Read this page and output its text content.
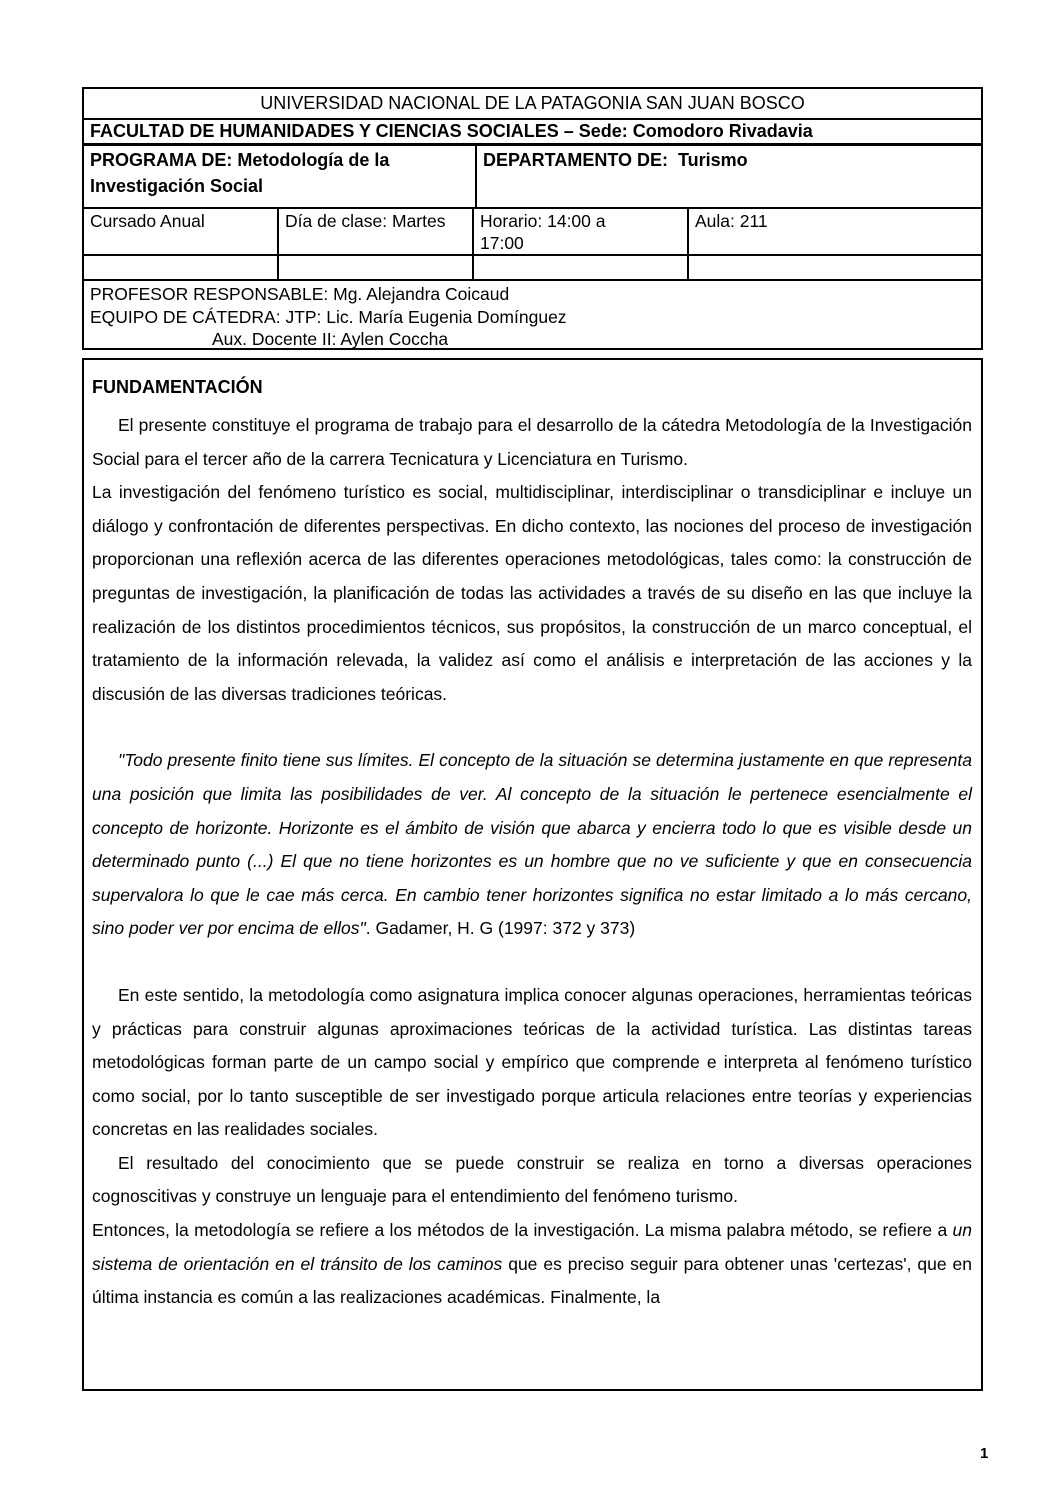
UNIVERSIDAD NACIONAL DE LA PATAGONIA SAN JUAN BOSCO
FACULTAD DE HUMANIDADES Y CIENCIAS SOCIALES – Sede: Comodoro Rivadavia
PROGRAMA DE: Metodología de la Investigación Social
DEPARTAMENTO DE:  Turismo
Cursado Anual	Día de clase: Martes	Horario: 14:00 a 17:00
Aula: 211
PROFESOR RESPONSABLE: Mg. Alejandra Coicaud
EQUIPO DE CÁTEDRA: JTP: Lic. María Eugenia Domínguez
Aux. Docente II: Aylen Coccha
FUNDAMENTACIÓN

El presente constituye el programa de trabajo para el desarrollo de la cátedra Metodología de la Investigación Social para el tercer año de la carrera Tecnicatura y Licenciatura en Turismo.

La investigación del fenómeno turístico es social, multidisciplinar, interdisciplinar o transdiciplinar e incluye un diálogo y confrontación de diferentes perspectivas. En dicho contexto, las nociones del proceso de investigación proporcionan una reflexión acerca de las diferentes operaciones metodológicas, tales como: la construcción de preguntas de investigación, la planificación de todas las actividades a través de su diseño en las que incluye la realización de los distintos procedimientos técnicos, sus propósitos, la construcción de un marco conceptual, el tratamiento de la información relevada, la validez así como el análisis e interpretación de las acciones y la discusión de las diversas tradiciones teóricas.

"Todo presente finito tiene sus límites. El concepto de la situación se determina justamente en que representa una posición que limita las posibilidades de ver. Al concepto de la situación le pertenece esencialmente el concepto de horizonte. Horizonte es el ámbito de visión que abarca y encierra todo lo que es visible desde un determinado punto (...) El que no tiene horizontes es un hombre que no ve suficiente y que en consecuencia supervalora lo que le cae más cerca. En cambio tener horizontes significa no estar limitado a lo más cercano, sino poder ver por encima de ellos". Gadamer, H. G (1997: 372 y 373)

En este sentido, la metodología como asignatura implica conocer algunas operaciones, herramientas teóricas y prácticas para construir algunas aproximaciones teóricas de la actividad turística. Las distintas tareas metodológicas forman parte de un campo social y empírico que comprende e interpreta al fenómeno turístico como social, por lo tanto susceptible de ser investigado porque articula relaciones entre teorías y experiencias concretas en las realidades sociales.

El resultado del conocimiento que se puede construir se realiza en torno a diversas operaciones cognoscitivas y construye un lenguaje para el entendimiento del fenómeno turismo.

Entonces, la metodología se refiere a los métodos de la investigación. La misma palabra método, se refiere a un sistema de orientación en el tránsito de los caminos que es preciso seguir para obtener unas 'certezas', que en última instancia es común a las realizaciones académicas. Finalmente, la

1
